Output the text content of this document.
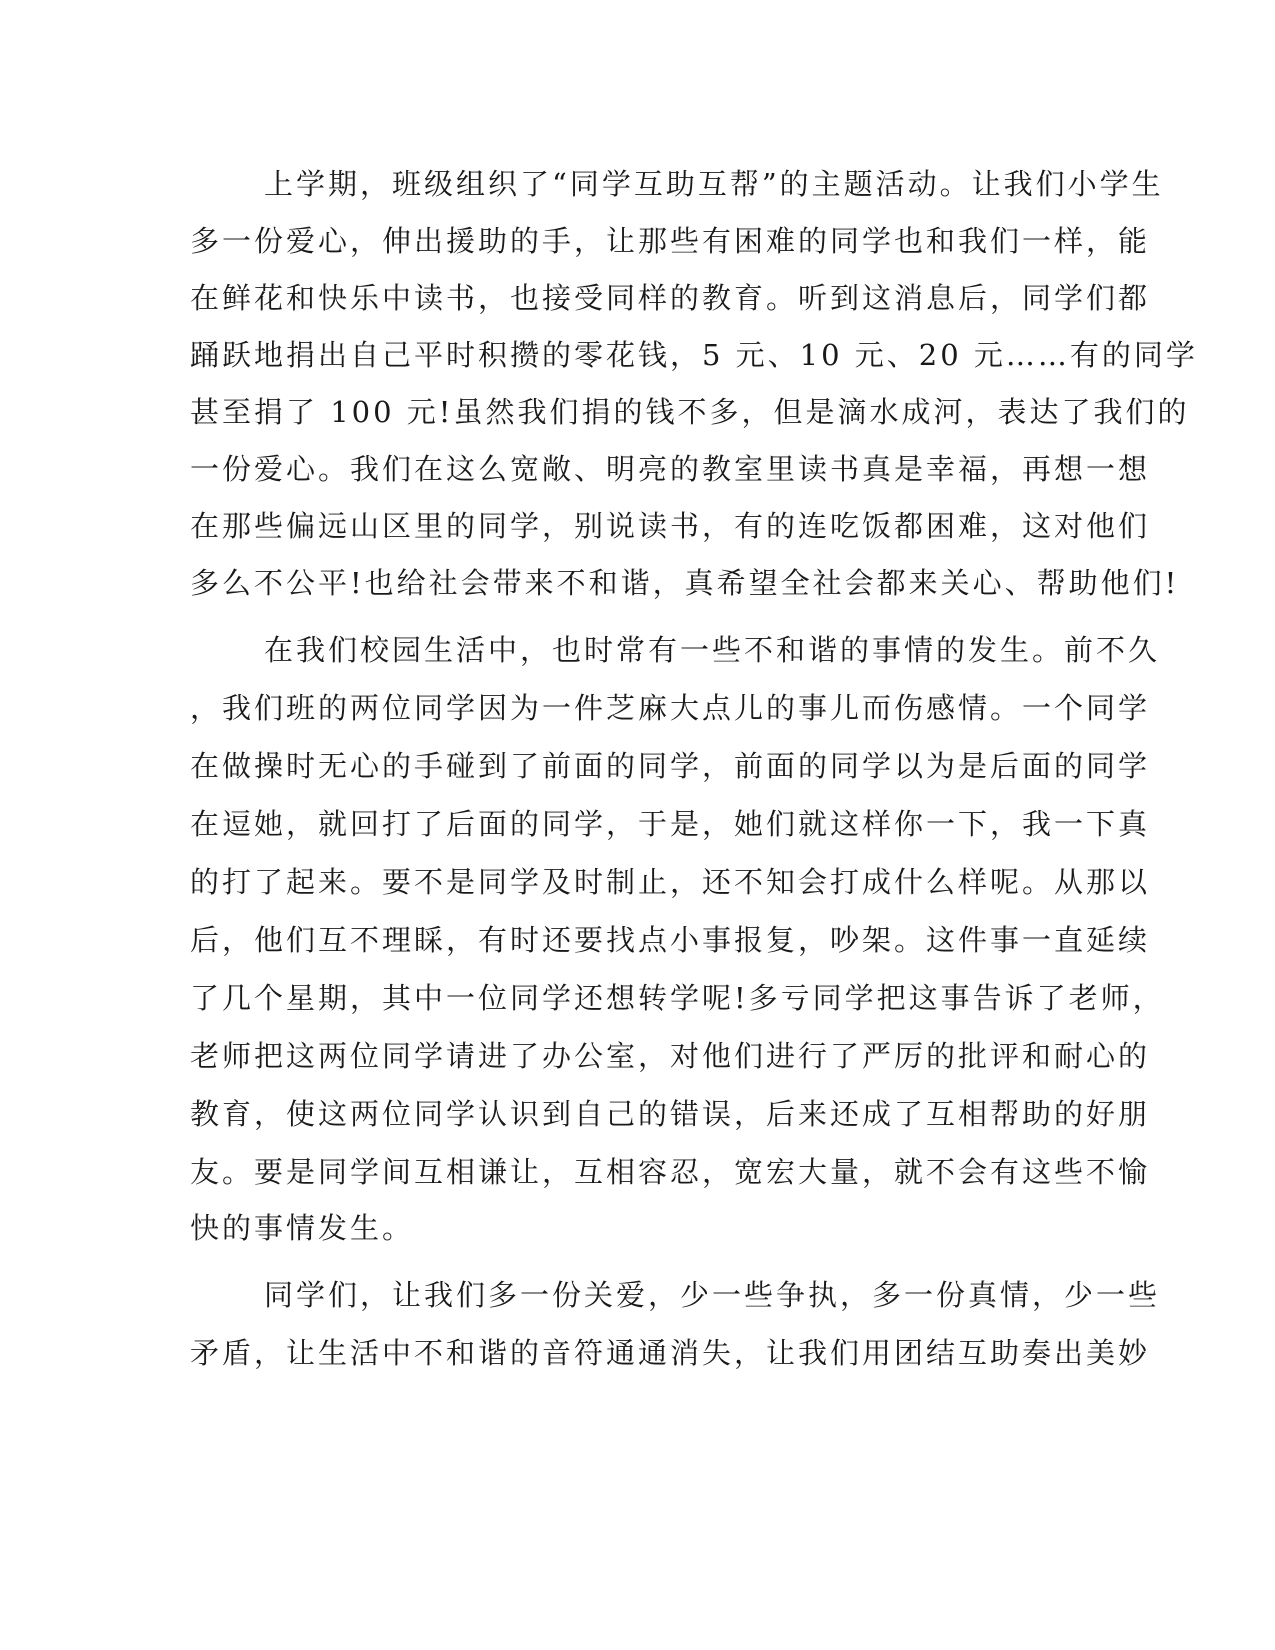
上学期，班级组织了“同学互助互帮”的主题活动。让我们小学生
多一份爱心，伸出援助的手，让那些有困难的同学也和我们一样，能
在鲜花和快乐中读书，也接受同样的教育。听到这消息后，同学们都
踊跃地捐出自己平时积攒的零花钱，5 元、10 元、20 元……有的同学
甚至捐了 100 元!虽然我们捐的钱不多，但是滴水成河，表达了我们的
一份爱心。我们在这么宽敞、明亮的教室里读书真是幸福，再想一想
在那些偏远山区里的同学，别说读书，有的连吃饭都困难，这对他们
多么不公平!也给社会带来不和谐，真希望全社会都来关心、帮助他们!
在我们校园生活中，也时常有一些不和谐的事情的发生。前不久
，我们班的两位同学因为一件芝麻大点儿的事儿而伤感情。一个同学
在做操时无心的手碰到了前面的同学，前面的同学以为是后面的同学
在逗她，就回打了后面的同学，于是，她们就这样你一下，我一下真
的打了起来。要不是同学及时制止，还不知会打成什么样呢。从那以
后，他们互不理睬，有时还要找点小事报复，吵架。这件事一直延续
了几个星期，其中一位同学还想转学呢!多亏同学把这事告诉了老师，
老师把这两位同学请进了办公室，对他们进行了严厉的批评和耐心的
教育，使这两位同学认识到自己的错误，后来还成了互相帮助的好朋
友。要是同学间互相谦让，互相容忍，宽宏大量，就不会有这些不愉
快的事情发生。
同学们，让我们多一份关爱，少一些争执，多一份真情，少一些
矛盾，让生活中不和谐的音符通通消失，让我们用团结互助奏出美妙
